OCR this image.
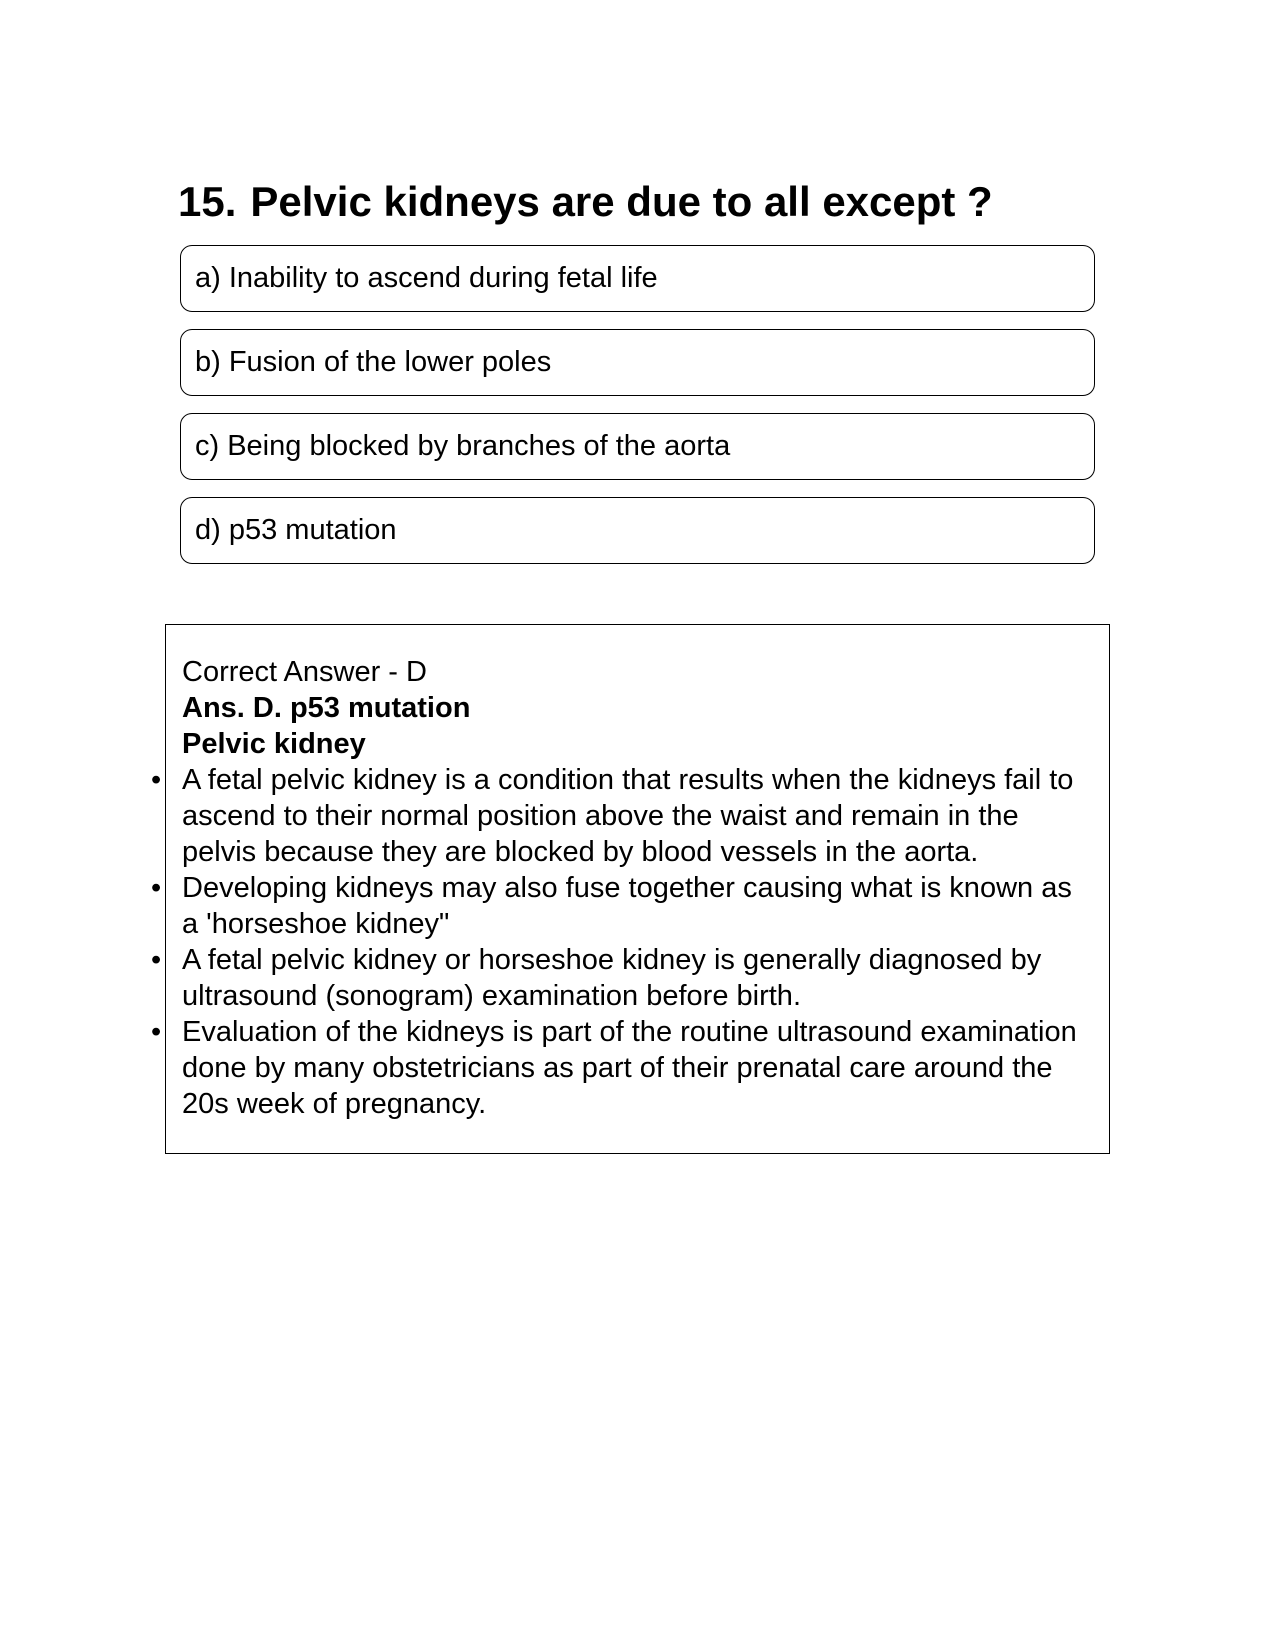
15. Pelvic kidneys are due to all except ?
a) Inability to ascend during fetal life
b) Fusion of the lower poles
c) Being blocked by branches of the aorta
d) p53 mutation
Correct Answer - D
Ans. D. p53 mutation
Pelvic kidney
• A fetal pelvic kidney is a condition that results when the kidneys fail to ascend to their normal position above the waist and remain in the pelvis because they are blocked by blood vessels in the aorta.
• Developing kidneys may also fuse together causing what is known as a 'horseshoe kidney"
• A fetal pelvic kidney or horseshoe kidney is generally diagnosed by ultrasound (sonogram) examination before birth.
• Evaluation of the kidneys is part of the routine ultrasound examination done by many obstetricians as part of their prenatal care around the 20s week of pregnancy.
